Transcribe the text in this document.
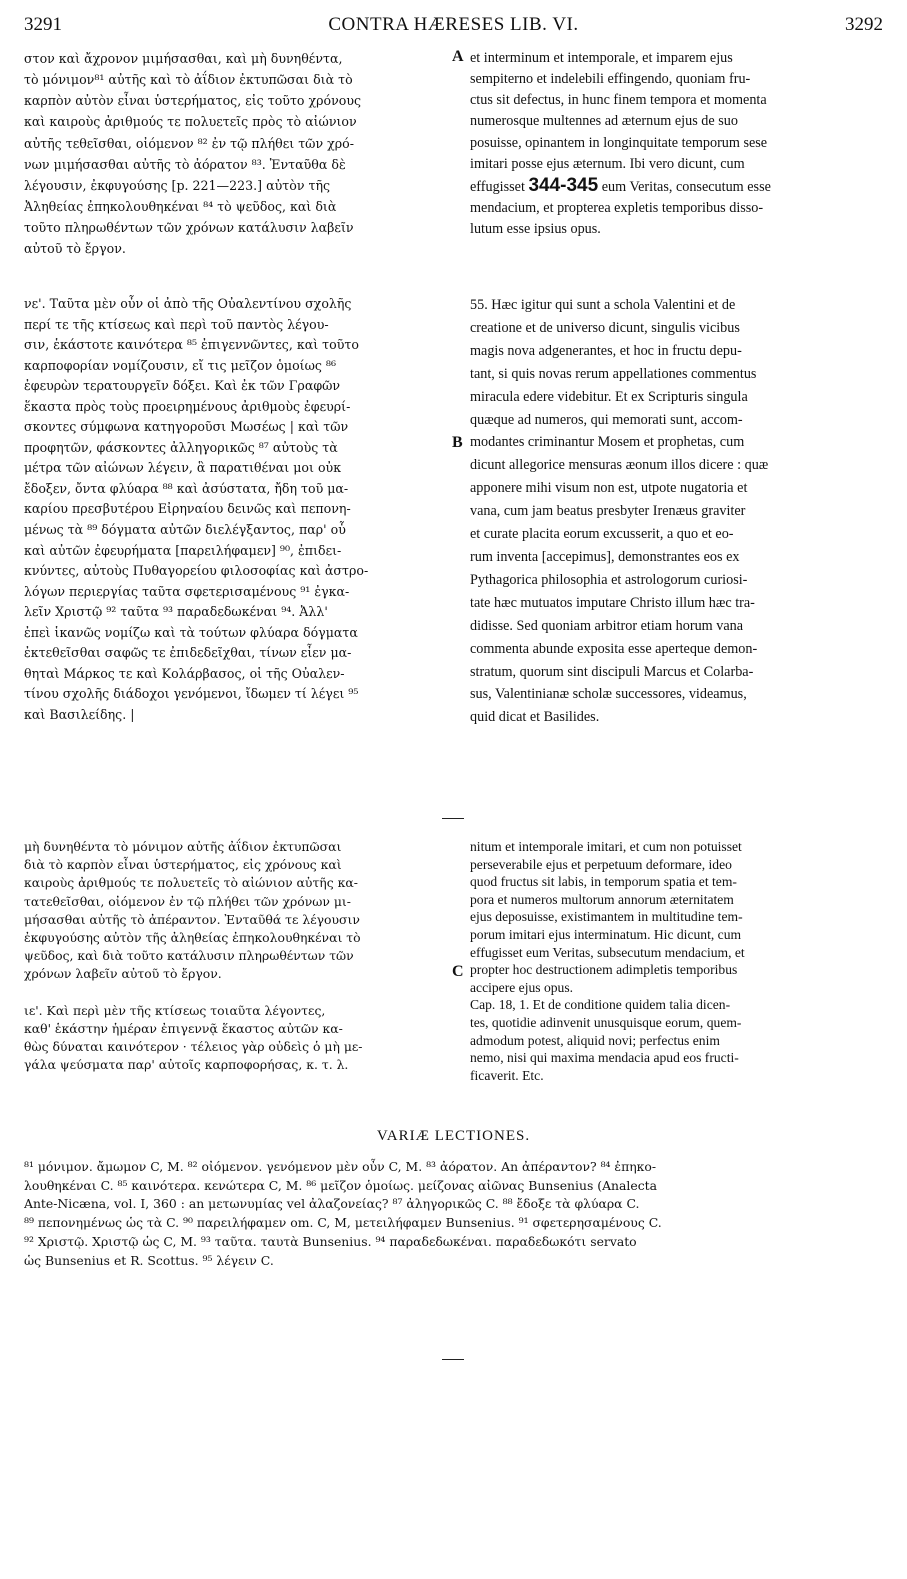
3291	CONTRA HÆRESES LIB. VI.	3292
A
B
C
στον καὶ ἄχρονον μιμήσασθαι, καὶ μὴ δυνηθέντα,
τὸ μόνιμον⁸¹ αὐτῆς καὶ τὸ ἀΐδιον ἐκτυπῶσαι διὰ τὸ
καρπὸν αὐτὸν εἶναι ὑστερήματος, εἰς τοῦτο χρόνους
καὶ καιροὺς ἀριθμούς τε πολυετεῖς πρὸς τὸ αἰώνιον
αὐτῆς τεθεῖσθαι, οἰόμενον ⁸² ἐν τῷ πλήθει τῶν χρό-
νων μιμήσασθαι αὐτῆς τὸ ἀόρατον ⁸³. Ἐνταῦθα δὲ
λέγουσιν, ἐκφυγούσης [p. 221—223.] αὐτὸν τῆς
Ἀληθείας ἐπηκολουθηκέναι ⁸⁴ τὸ ψεῦδος, καὶ διὰ
τοῦτο πληρωθέντων τῶν χρόνων κατάλυσιν λαβεῖν
αὐτοῦ τὸ ἔργον.
et interminum et intemporale, et imparem ejus
sempiterno et indelebili effingendo, quoniam fru-
ctus sit defectus, in hunc finem tempora et momenta
numerosque multennes ad æternum ejus de suo
posuisse, opinantem in longinquitate temporum sese
imitari posse ejus æternum. Ibi vero dicunt, cum
effugisset 344-345 eum Veritas, consecutum esse
mendacium, et propterea expletis temporibus disso-
lutum esse ipsius opus.
νε'. Ταῦτα μὲν οὖν οἱ ἀπὸ τῆς Οὐαλεντίνου σχολῆς
περί τε τῆς κτίσεως καὶ περὶ τοῦ παντὸς λέγου-
σιν, ἑκάστοτε καινότερα ⁸⁵ ἐπιγεννῶντες, καὶ τοῦτο
καρποφορίαν νομίζουσιν, εἴ τις μεῖζον ὁμοίως ⁸⁶
ἐφευρὼν τερατουργεῖν δόξει. Καὶ ἐκ τῶν Γραφῶν
ἕκαστα πρὸς τοὺς προειρημένους ἀριθμοὺς ἐφευρί-
σκοντες σύμφωνα κατηγοροῦσι Μωσέως | καὶ τῶν
προφητῶν, φάσκοντες ἀλληγορικῶς ⁸⁷ αὐτοὺς τὰ
μέτρα τῶν αἰώνων λέγειν, ἃ παρατιθέναι μοι οὐκ
ἔδοξεν, ὄντα φλύαρα ⁸⁸ καὶ ἀσύστατα, ἤδη τοῦ μα-
καρίου πρεσβυτέρου Εἰρηναίου δεινῶς καὶ πεπονη-
μένως τὰ ⁸⁹ δόγματα αὐτῶν διελέγξαντος, παρ' οὗ
καὶ αὐτῶν ἐφευρήματα [παρειλήφαμεν] ⁹⁰, ἐπιδει-
κνύντες, αὐτοὺς Πυθαγορείου φιλοσοφίας καὶ ἀστρο-
λόγων περιεργίας ταῦτα σφετερισαμένους ⁹¹ ἐγκα-
λεῖν Χριστῷ ⁹² ταῦτα ⁹³ παραδεδωκέναι ⁹⁴. Ἀλλ'
ἐπεὶ ἱκανῶς νομίζω καὶ τὰ τούτων φλύαρα δόγματα
ἐκτεθεῖσθαι σαφῶς τε ἐπιδεδεῖχθαι, τίνων εἶεν μα-
θηταὶ Μάρκος τε καὶ Κολάρβασος, οἱ τῆς Οὐαλεν-
τίνου σχολῆς διάδοχοι γενόμενοι, ἴδωμεν τί λέγει ⁹⁵
καὶ Βασιλείδης. |
55. Hæc igitur qui sunt a schola Valentini et de
creatione et de universo dicunt, singulis vicibus
magis nova adgenerantes, et hoc in fructu depu-
tant, si quis novas rerum appellationes commentus
miracula edere videbitur. Et ex Scripturis singula
quæque ad numeros, qui memorati sunt, accom-
modantes criminantur Mosem et prophetas, cum
dicunt allegorice mensuras æonum illos dicere : quæ
apponere mihi visum non est, utpote nugatoria et
vana, cum jam beatus presbyter Irenæus graviter
et curate placita eorum excusserit, a quo et eo-
rum inventa [accepimus], demonstrantes eos ex
Pythagorica philosophia et astrologorum curiosi-
tate hæc mutuatos imputare Christo illum hæc tra-
didisse. Sed quoniam arbitror etiam horum vana
commenta abunde exposita esse aperteque demon-
stratum, quorum sint discipuli Marcus et Colarba-
sus, Valentinianæ scholæ successores, videamus,
quid dicat et Basilides.
μὴ δυνηθέντα τὸ μόνιμον αὐτῆς ἀΐδιον ἐκτυπῶσαι
διὰ τὸ καρπὸν εἶναι ὑστερήματος, εἰς χρόνους καὶ
καιροὺς ἀριθμούς τε πολυετεῖς τὸ αἰώνιον αὐτῆς κα-
τατεθεῖσθαι, οἰόμενον ἐν τῷ πλήθει τῶν χρόνων μι-
μήσασθαι αὐτῆς τὸ ἀπέραντον. Ἐνταῦθά τε λέγουσιν
ἐκφυγούσης αὐτὸν τῆς ἀληθείας ἐπηκολουθηκέναι τὸ
ψεῦδος, καὶ διὰ τοῦτο κατάλυσιν πληρωθέντων τῶν
χρόνων λαβεῖν αὐτοῦ τὸ ἔργον.

ιε'. Καὶ περὶ μὲν τῆς κτίσεως τοιαῦτα λέγοντες,
καθ' ἑκάστην ἡμέραν ἐπιγεννᾷ ἕκαστος αὐτῶν κα-
θὼς δύναται καινότερον · τέλειος γὰρ οὐδεὶς ὁ μὴ με-
γάλα ψεύσματα παρ' αὐτοῖς καρποφορήσας, κ. τ. λ.
nitum et intemporale imitari, et cum non potuisset
perseverabile ejus et perpetuum deformare, ideo
quod fructus sit labis, in temporum spatia et tem-
pora et numeros multorum annorum æternitatem
ejus deposuisse, existimantem in multitudine tem-
porum imitari ejus interminatum. Hic dicunt, cum
effugisset eum Veritas, subsecutum mendacium, et
propter hoc destructionem adimpletis temporibus
accipere ejus opus.
Cap. 18, 1. Et de conditione quidem talia dicen-
tes, quotidie adinvenit unusquisque eorum, quem-
admodum potest, aliquid novi; perfectus enim
nemo, nisi qui maxima mendacia apud eos fructi-
ficaverit. Etc.
VARIÆ LECTIONES.
⁸¹ μόνιμον. ἄμωμον C, M. ⁸² οἰόμενον. γενόμενον μὲν οὖν C, M. ⁸³ ἀόρατον. An ἀπέραντον? ⁸⁴ ἐπηκο-
λουθηκέναι C. ⁸⁵ καινότερα. κενώτερα C, M. ⁸⁶ μεῖζον ὁμοίως. μείζονας αἰῶνας Bunsenius (Analecta
Ante-Nicæna, vol. I, 360 : an μετωνυμίας vel ἀλαζονείας? ⁸⁷ ἀληγορικῶς C. ⁸⁸ ἔδοξε τὰ φλύαρα C.
⁸⁹ πεπονημένως ὡς τὰ C. ⁹⁰ παρειλήφαμεν om. C, M, μετειλήφαμεν Bunsenius. ⁹¹ σφετερησαμένους C.
⁹² Χριστῷ. Χριστῷ ὡς C, M. ⁹³ ταῦτα. ταυτὰ Bunsenius. ⁹⁴ παραδεδωκέναι. παραδεδωκότι servato
ὡς Bunsenius et R. Scottus. ⁹⁵ λέγειν C.
